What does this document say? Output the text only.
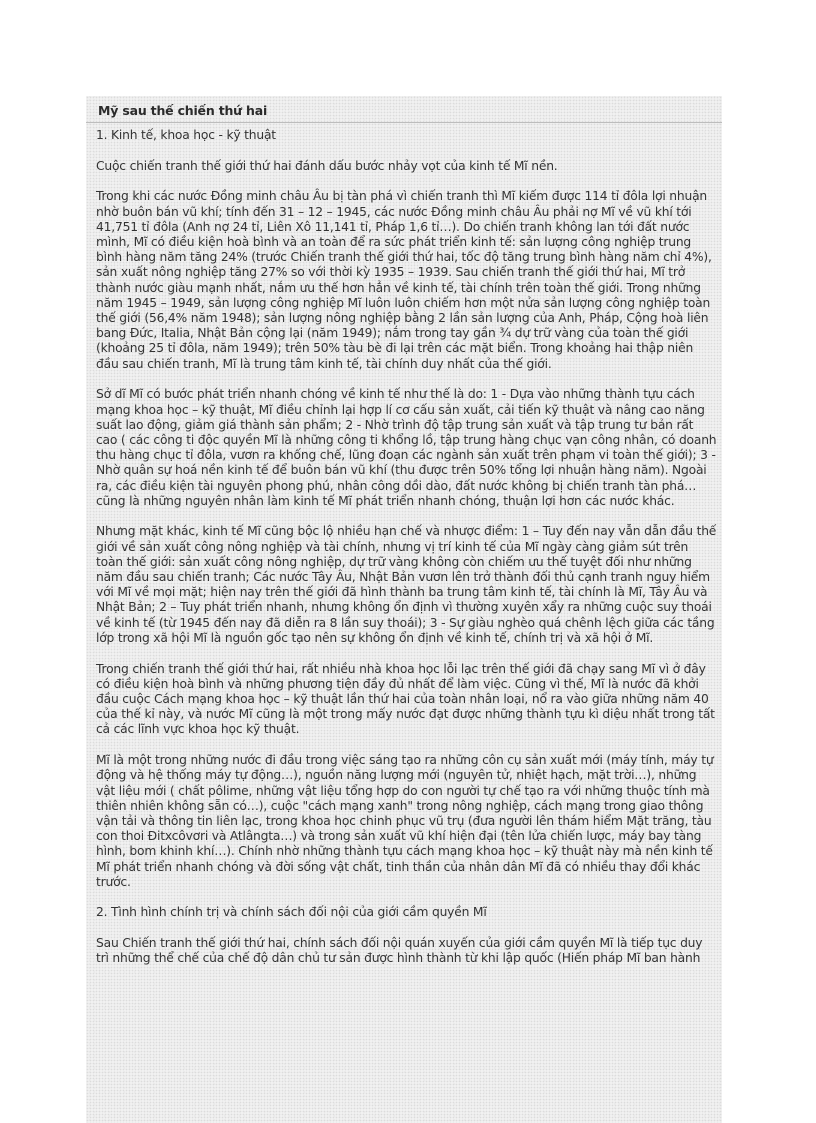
Mỹ sau thế chiến thứ hai

1. Kinh tế, khoa học - kỹ thuật

Cuộc chiến tranh thế giới thứ hai đánh dấu bước nhảy vọt của kinh tế Mĩ nền.

Trong khi các nước Đồng minh châu Âu bị tàn phá vì chiến tranh thì Mĩ kiếm được 114 tỉ đôla lợi nhuận nhờ buôn bán vũ khí; tính đến 31 – 12 – 1945, các nước Đồng minh châu Âu phải nợ Mĩ về vũ khí tới 41,751 tỉ đôla (Anh nợ 24 tỉ, Liên Xô 11,141 tỉ, Pháp 1,6 tỉ…). Do chiến tranh không lan tới đất nước mình, Mĩ có điều kiện hoà bình và an toàn để ra sức phát triển kinh tế: sản lượng công nghiệp trung bình hàng năm tăng 24% (trước Chiến tranh thế giới thứ hai, tốc độ tăng trung bình hàng năm chỉ 4%), sản xuất nông nghiệp tăng 27% so với thời kỳ 1935 – 1939. Sau chiến tranh thế giới thứ hai, Mĩ trở thành nước giàu mạnh nhất, nắm ưu thế hơn hẳn về kinh tế, tài chính trên toàn thế giới. Trong những năm 1945 – 1949, sản lượng công nghiệp Mĩ luôn luôn chiếm hơn một nửa sản lượng công nghiệp toàn thế giới (56,4% năm 1948); sản lượng nông nghiệp bằng 2 lần sản lượng của Anh, Pháp, Cộng hoà liên bang Đức, Italia, Nhật Bản cộng lại (năm 1949); nắm trong tay gần ¾ dự trữ vàng của toàn thế giới (khoảng 25 tỉ đôla, năm 1949); trên 50% tàu bè đi lại trên các mặt biển. Trong khoảng hai thập niên đầu sau chiến tranh, Mĩ là trung tâm kinh tế, tài chính duy nhất của thế giới.

Sở dĩ Mĩ có bước phát triển nhanh chóng về kinh tế như thế là do: 1 - Dựa vào những thành tựu cách mạng khoa học – kỹ thuật, Mĩ điều chỉnh lại hợp lí cơ cấu sản xuất, cải tiến kỹ thuật và nâng cao năng suất lao động, giảm giá thành sản phẩm; 2 - Nhờ trình độ tập trung sản xuất và tập trung tư bản rất cao ( các công ti độc quyền Mĩ là những công ti khổng lồ, tập trung hàng chục vạn công nhân, có doanh thu hàng chục tỉ đôla, vươn ra khống chế, lũng đoạn các ngành sản xuất trên phạm vi toàn thế giới); 3 - Nhờ quân sự hoá nền kinh tế để buôn bán vũ khí (thu được trên 50% tổng lợi nhuận hàng năm). Ngoài ra, các điều kiện tài nguyên phong phú, nhân công dồi dào, đất nước không bị chiến tranh tàn phá… cũng là những nguyên nhân làm kinh tế Mĩ phát triển nhanh chóng, thuận lợi hơn các nước khác.

Nhưng mặt khác, kinh tế Mĩ cũng bộc lộ nhiều hạn chế và nhược điểm: 1 – Tuy đến nay vẫn dẫn đầu thế giới về sản xuất công nông nghiệp và tài chính, nhưng vị trí kinh tế của Mĩ ngày càng giảm sút trên toàn thế giới: sản xuất công nông nghiệp, dự trữ vàng không còn chiếm ưu thế tuyệt đối như những năm đầu sau chiến tranh; Các nước Tây Âu, Nhật Bản vươn lên trở thành đối thủ cạnh tranh nguy hiểm với Mĩ về mọi mặt; hiện nay trên thế giới đã hình thành ba trung tâm kinh tế, tài chính là Mĩ, Tây Âu và Nhật Bản; 2 – Tuy phát triển nhanh, nhưng không ổn định vì thường xuyên xẩy ra những cuộc suy thoái về kinh tế (từ 1945 đến nay đã diễn ra 8 lần suy thoái); 3 - Sự giàu nghèo quá chênh lệch giữa các tầng lớp trong xã hội Mĩ là nguồn gốc tạo nên sự không ổn định về kinh tế, chính trị và xã hội ở Mĩ.

Trong chiến tranh thế giới thứ hai, rất nhiều nhà khoa học lỗi lạc trên thế giới đã chạy sang Mĩ vì ở đây có điều kiện hoà bình và những phương tiện đầy đủ nhất để làm việc. Cũng vì thế, Mĩ là nước đã khởi đầu cuộc Cách mạng khoa học – kỹ thuật lần thứ hai của toàn nhân loại, nổ ra vào giữa những năm 40 của thế kỉ này, và nước Mĩ cũng là một trong mấy nước đạt được những thành tựu kì diệu nhất trong tất cả các lĩnh vực khoa học kỹ thuật.

Mĩ là một trong những nước đi đầu trong việc sáng tạo ra những côn cụ sản xuất mới (máy tính, máy tự động và hệ thống máy tự động…), nguồn năng lượng mới (nguyên tử, nhiệt hạch, mặt trời…), những vật liệu mới ( chất pôlime, những vật liệu tổng hợp do con người tự chế tạo ra với những thuộc tính mà thiên nhiên không sẵn có…), cuộc "cách mạng xanh" trong nông nghiệp, cách mạng trong giao thông vận tải và thông tin liên lạc, trong khoa học chinh phục vũ trụ (đưa người lên thám hiểm Mặt trăng, tàu con thoi Đitxcôvơri và Atlângta…) và trong sản xuất vũ khí hiện đại (tên lửa chiến lược, máy bay tàng hình, bom khinh khí…). Chính nhờ những thành tựu cách mạng khoa học – kỹ thuật này mà nền kinh tế Mĩ phát triển nhanh chóng và đời sống vật chất, tinh thần của nhân dân Mĩ đã có nhiều thay đổi khác trước.

2. Tình hình chính trị và chính sách đối nội của giới cầm quyền Mĩ

Sau Chiến tranh thế giới thứ hai, chính sách đối nội quán xuyến của giới cầm quyền Mĩ là tiếp tục duy trì những thể chế của chế độ dân chủ tư sản được hình thành từ khi lập quốc (Hiến pháp Mĩ ban hành
